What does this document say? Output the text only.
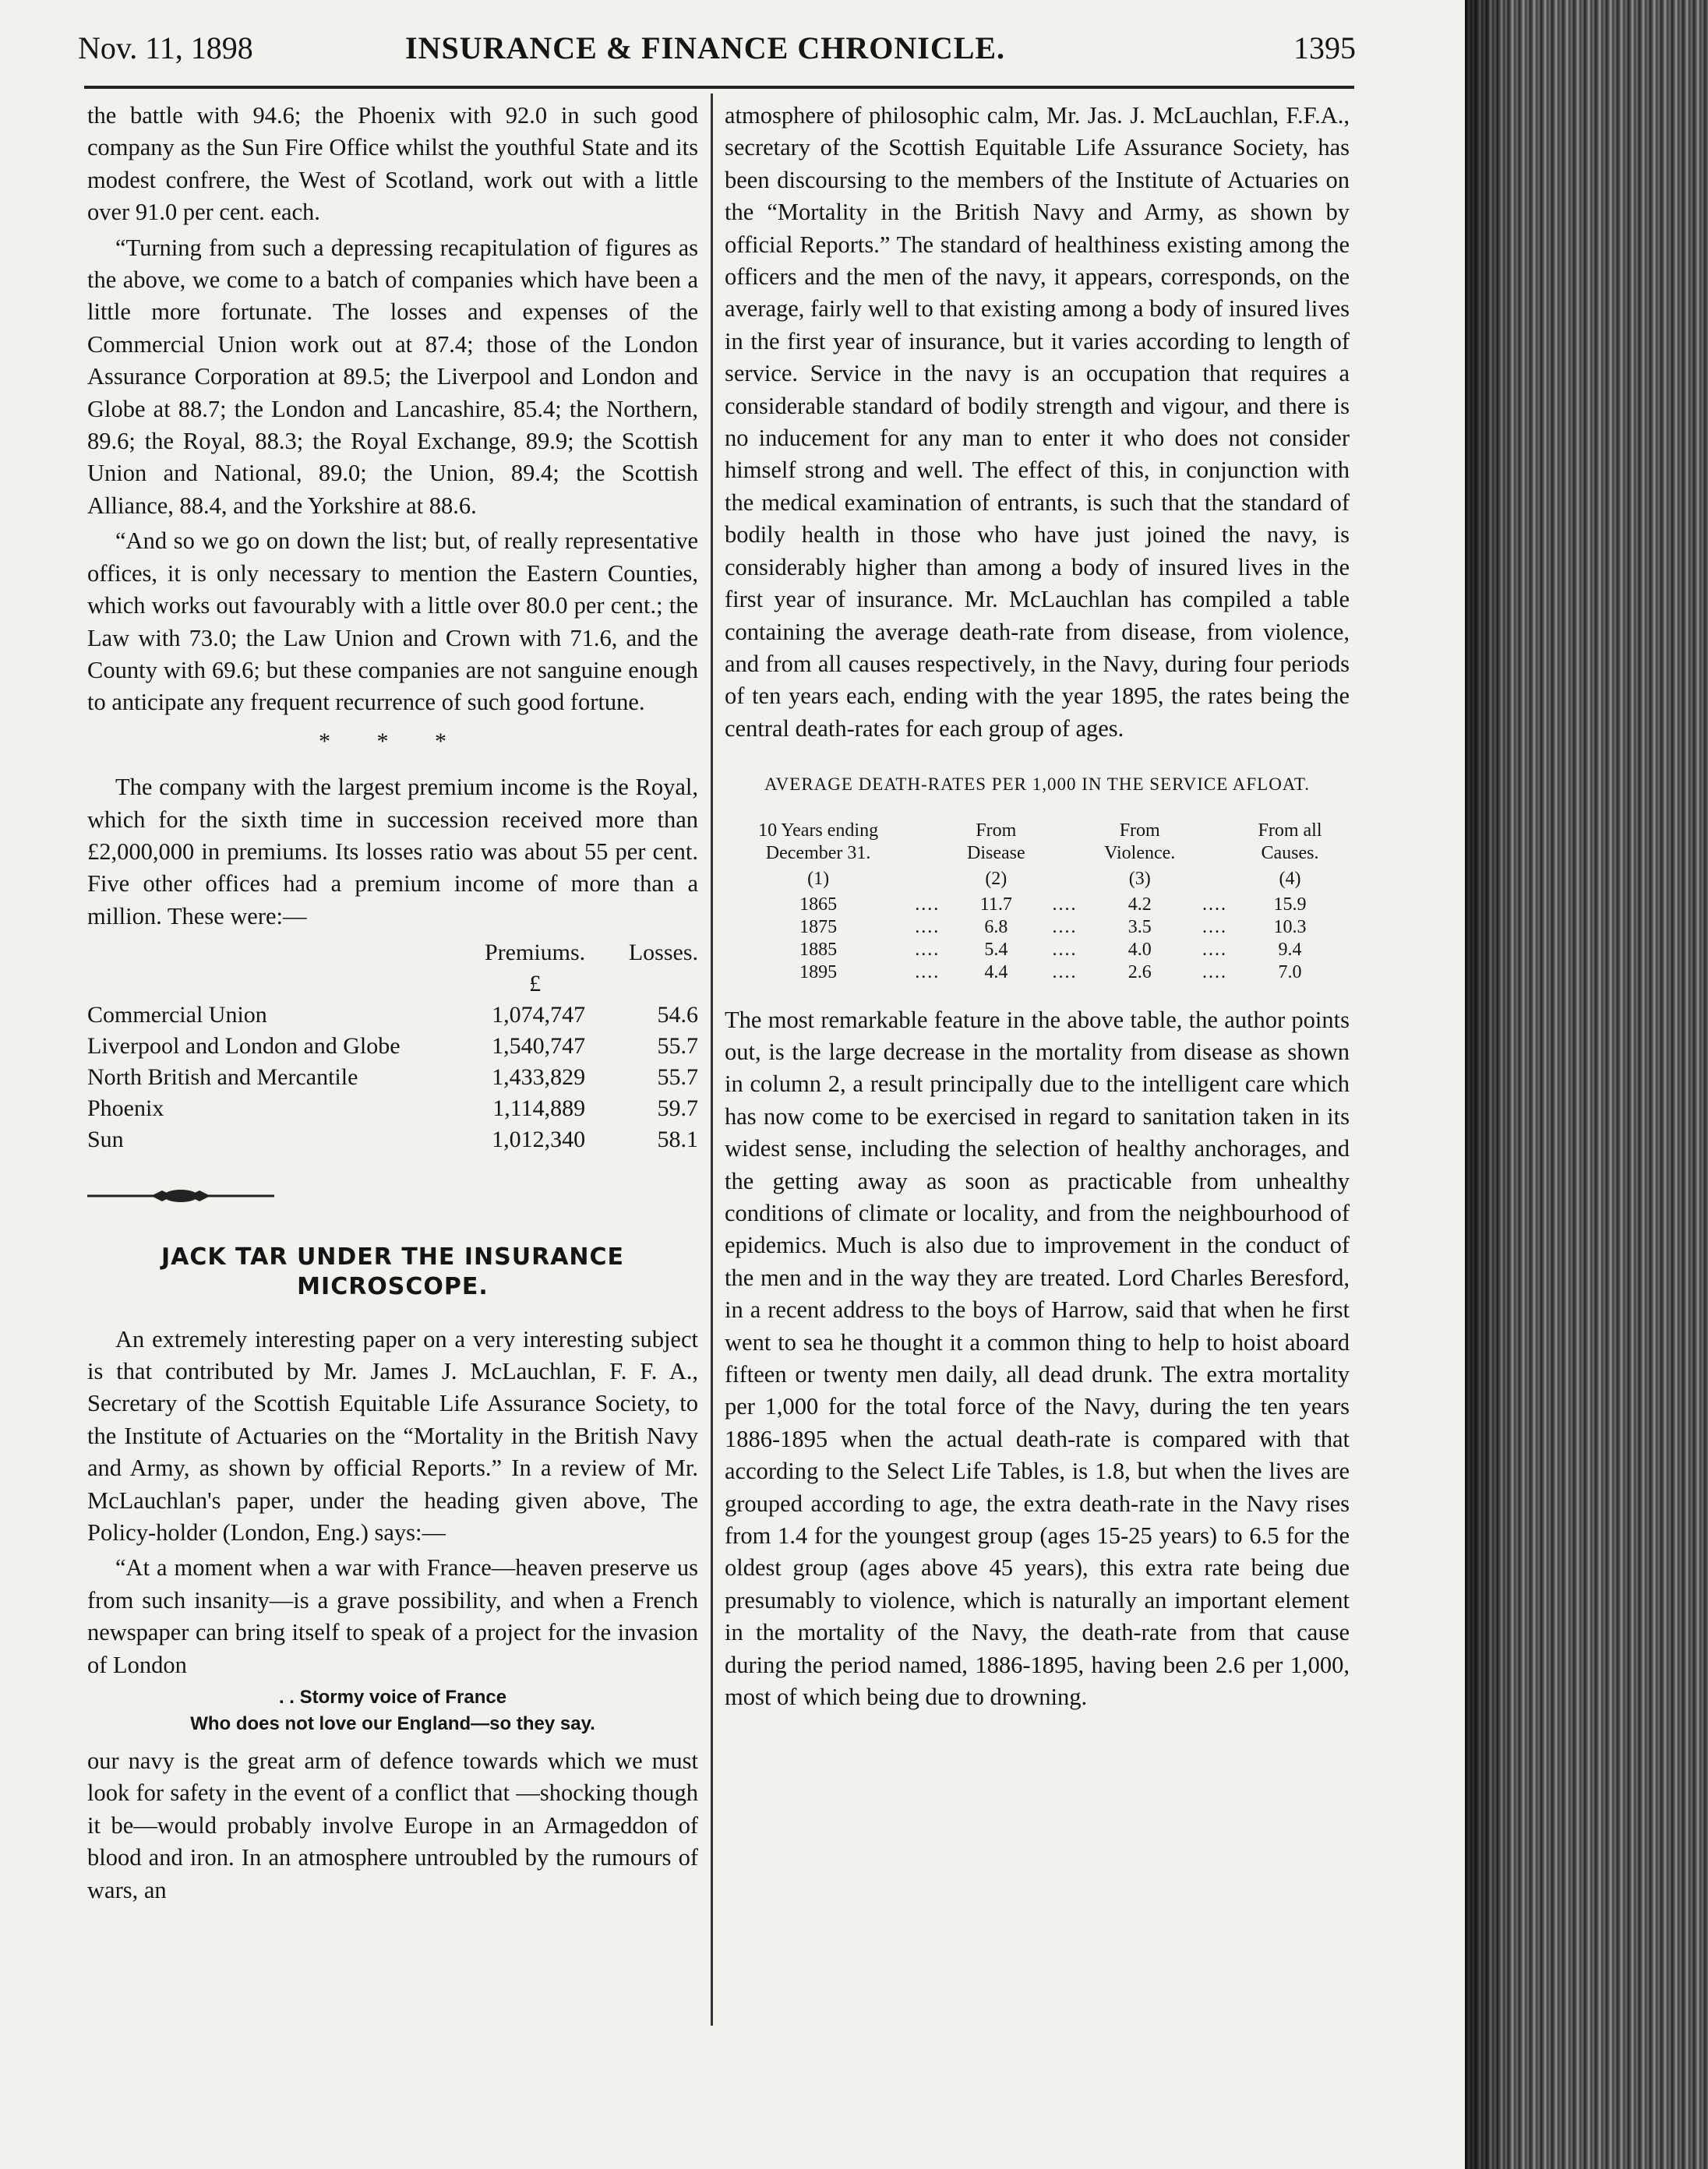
Nov. 11, 1898	INSURANCE & FINANCE CHRONICLE.	1395

the battle with 94.6; the Phoenix with 92.0 in such good company as the Sun Fire Office whilst the youthful State and its modest confrere, the West of Scotland, work out with a little over 91.0 per cent. each.

“Turning from such a depressing recapitulation of figures as the above, we come to a batch of companies which have been a little more fortunate. The losses and expenses of the Commercial Union work out at 87.4; those of the London Assurance Corporation at 89.5; the Liverpool and London and Globe at 88.7; the London and Lancashire, 85.4; the Northern, 89.6; the Royal, 88.3; the Royal Exchange, 89.9; the Scottish Union and National, 89.0; the Union, 89.4; the Scottish Alliance, 88.4, and the Yorkshire at 88.6.

“And so we go on down the list; but, of really representative offices, it is only necessary to mention the Eastern Counties, which works out favourably with a little over 80.0 per cent.; the Law with 73.0; the Law Union and Crown with 71.6, and the County with 69.6; but these companies are not sanguine enough to anticipate any frequent recurrence of such good fortune.

* * *

The company with the largest premium income is the Royal, which for the sixth time in succession received more than £2,000,000 in premiums. Its losses ratio was about 55 per cent. Five other offices had a premium income of more than a million. These were:—

	Premiums.	Losses.
	£	
Commercial Union	1,074,747	54.6
Liverpool and London and Globe	1,540,747	55.7
North British and Mercantile	1,433,829	55.7
Phoenix	1,114,889	59.7
Sun	1,012,340	58.1
JACK TAR UNDER THE INSURANCE
MICROSCOPE.

An extremely interesting paper on a very interesting subject is that contributed by Mr. James J. McLauchlan, F. F. A., Secretary of the Scottish Equitable Life Assurance Society, to the Institute of Actuaries on the “Mortality in the British Navy and Army, as shown by official Reports.” In a review of Mr. McLauchlan's paper, under the heading given above, The Policy-holder (London, Eng.) says:—

“At a moment when a war with France—heaven preserve us from such insanity—is a grave possibility, and when a French newspaper can bring itself to speak of a project for the invasion of London

. . Stormy voice of France
Who does not love our England—so they say.

our navy is the great arm of defence towards which we must look for safety in the event of a conflict that —shocking though it be—would probably involve Europe in an Armageddon of blood and iron. In an atmosphere untroubled by the rumours of wars, an

atmosphere of philosophic calm, Mr. Jas. J. McLauchlan, F.F.A., secretary of the Scottish Equitable Life Assurance Society, has been discoursing to the members of the Institute of Actuaries on the “Mortality in the British Navy and Army, as shown by official Reports.” The standard of healthiness existing among the officers and the men of the navy, it appears, corresponds, on the average, fairly well to that existing among a body of insured lives in the first year of insurance, but it varies according to length of service. Service in the navy is an occupation that requires a considerable standard of bodily strength and vigour, and there is no inducement for any man to enter it who does not consider himself strong and well. The effect of this, in conjunction with the medical examination of entrants, is such that the standard of bodily health in those who have just joined the navy, is considerably higher than among a body of insured lives in the first year of insurance. Mr. McLauchlan has compiled a table containing the average death-rate from disease, from violence, and from all causes respectively, in the Navy, during four periods of ten years each, ending with the year 1895, the rates being the central death-rates for each group of ages.

AVERAGE DEATH-RATES PER 1,000 IN THE SERVICE AFLOAT.
10 Years ending December 31.		From Disease		From Violence.		From all Causes.
(1)		(2)		(3)		(4)
1865	....	11.7	....	4.2	....	15.9
1875	....	6.8	....	3.5	....	10.3
1885	....	5.4	....	4.0	....	9.4
1895	....	4.4	....	2.6	....	7.0

The most remarkable feature in the above table, the author points out, is the large decrease in the mortality from disease as shown in column 2, a result principally due to the intelligent care which has now come to be exercised in regard to sanitation taken in its widest sense, including the selection of healthy anchorages, and the getting away as soon as practicable from unhealthy conditions of climate or locality, and from the neighbourhood of epidemics. Much is also due to improvement in the conduct of the men and in the way they are treated. Lord Charles Beresford, in a recent address to the boys of Harrow, said that when he first went to sea he thought it a common thing to help to hoist aboard fifteen or twenty men daily, all dead drunk. The extra mortality per 1,000 for the total force of the Navy, during the ten years 1886-1895 when the actual death-rate is compared with that according to the Select Life Tables, is 1.8, but when the lives are grouped according to age, the extra death-rate in the Navy rises from 1.4 for the youngest group (ages 15-25 years) to 6.5 for the oldest group (ages above 45 years), this extra rate being due presumably to violence, which is naturally an important element in the mortality of the Navy, the death-rate from that cause during the period named, 1886-1895, having been 2.6 per 1,000, most of which being due to drowning.
